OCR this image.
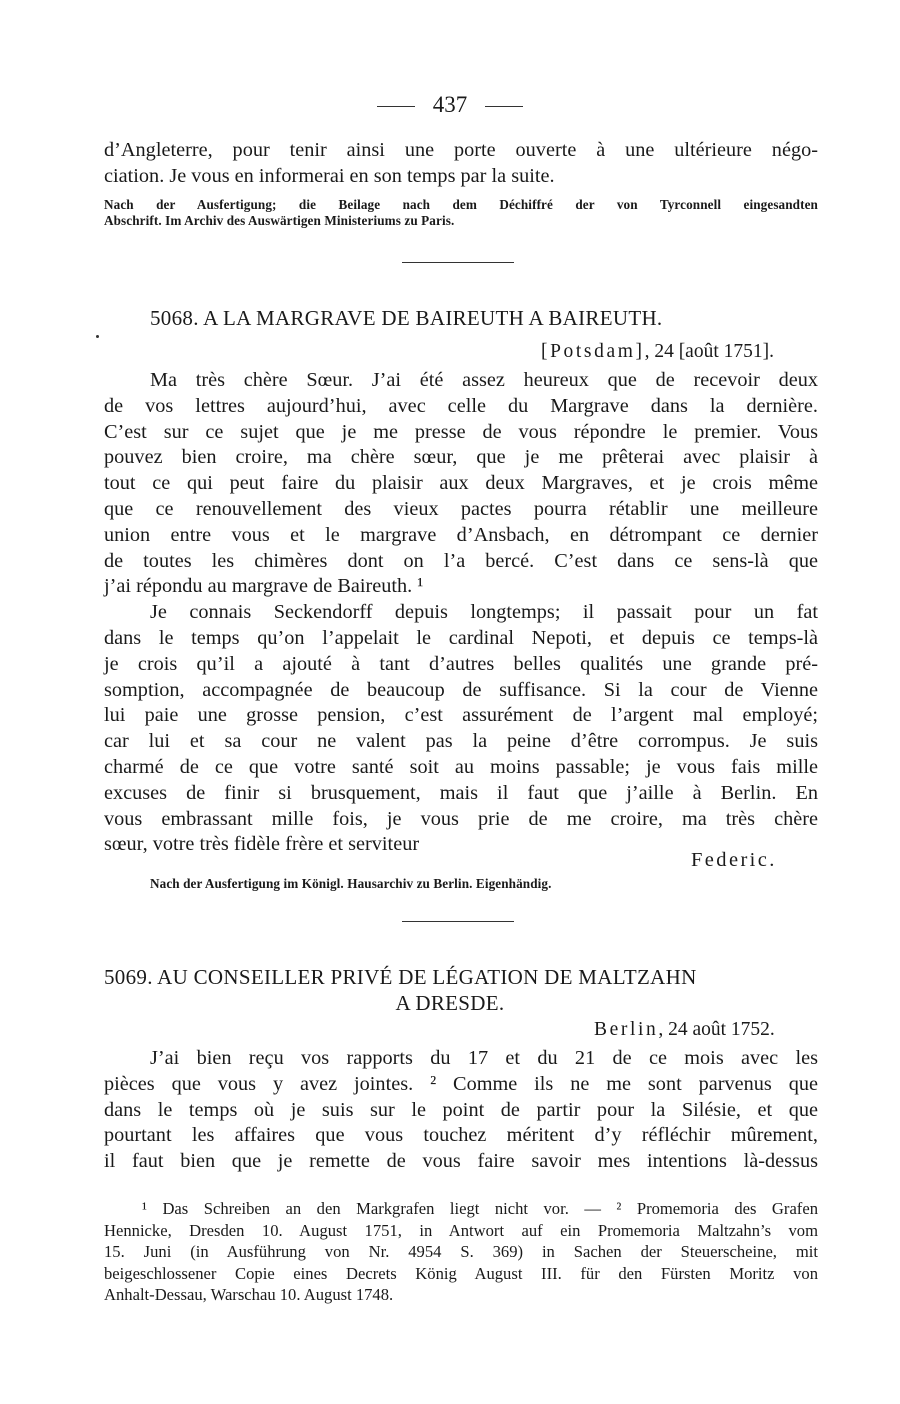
437
d’Angleterre, pour tenir ainsi une porte ouverte à une ultérieure négo-
ciation. Je vous en informerai en son temps par la suite.
Nach der Ausfertigung; die Beilage nach dem Déchiffré der von Tyrconnell eingesandten
Abschrift. Im Archiv des Auswärtigen Ministeriums zu Paris.
5068. A LA MARGRAVE DE BAIREUTH A BAIREUTH.
[Potsdam], 24 [août 1751].
Ma très chère Sœur. J’ai été assez heureux que de recevoir deux
de vos lettres aujourd’hui, avec celle du Margrave dans la dernière.
C’est sur ce sujet que je me presse de vous répondre le premier. Vous
pouvez bien croire, ma chère sœur, que je me prêterai avec plaisir à
tout ce qui peut faire du plaisir aux deux Margraves, et je crois même
que ce renouvellement des vieux pactes pourra rétablir une meilleure
union entre vous et le margrave d’Ansbach, en détrompant ce dernier
de toutes les chimères dont on l’a bercé. C’est dans ce sens-là que
j’ai répondu au margrave de Baireuth. ¹
Je connais Seckendorff depuis longtemps; il passait pour un fat
dans le temps qu’on l’appelait le cardinal Nepoti, et depuis ce temps-là
je crois qu’il a ajouté à tant d’autres belles qualités une grande pré-
somption, accompagnée de beaucoup de suffisance. Si la cour de Vienne
lui paie une grosse pension, c’est assurément de l’argent mal employé;
car lui et sa cour ne valent pas la peine d’être corrompus. Je suis
charmé de ce que votre santé soit au moins passable; je vous fais mille
excuses de finir si brusquement, mais il faut que j’aille à Berlin. En
vous embrassant mille fois, je vous prie de me croire, ma très chère
sœur, votre très fidèle frère et serviteur
Federic.
Nach der Ausfertigung im Königl. Hausarchiv zu Berlin. Eigenhändig.
5069. AU CONSEILLER PRIVÉ DE LÉGATION DE MALTZAHN
A DRESDE.
Berlin, 24 août 1752.
J’ai bien reçu vos rapports du 17 et du 21 de ce mois avec les
pièces que vous y avez jointes. ² Comme ils ne me sont parvenus que
dans le temps où je suis sur le point de partir pour la Silésie, et que
pourtant les affaires que vous touchez méritent d’y réfléchir mûrement,
il faut bien que je remette de vous faire savoir mes intentions là-dessus
¹ Das Schreiben an den Markgrafen liegt nicht vor. — ² Promemoria des Grafen
Hennicke, Dresden 10. August 1751, in Antwort auf ein Promemoria Maltzahn’s vom
15. Juni (in Ausführung von Nr. 4954 S. 369) in Sachen der Steuerscheine, mit
beigeschlossener Copie eines Decrets König August III. für den Fürsten Moritz von
Anhalt-Dessau, Warschau 10. August 1748.
